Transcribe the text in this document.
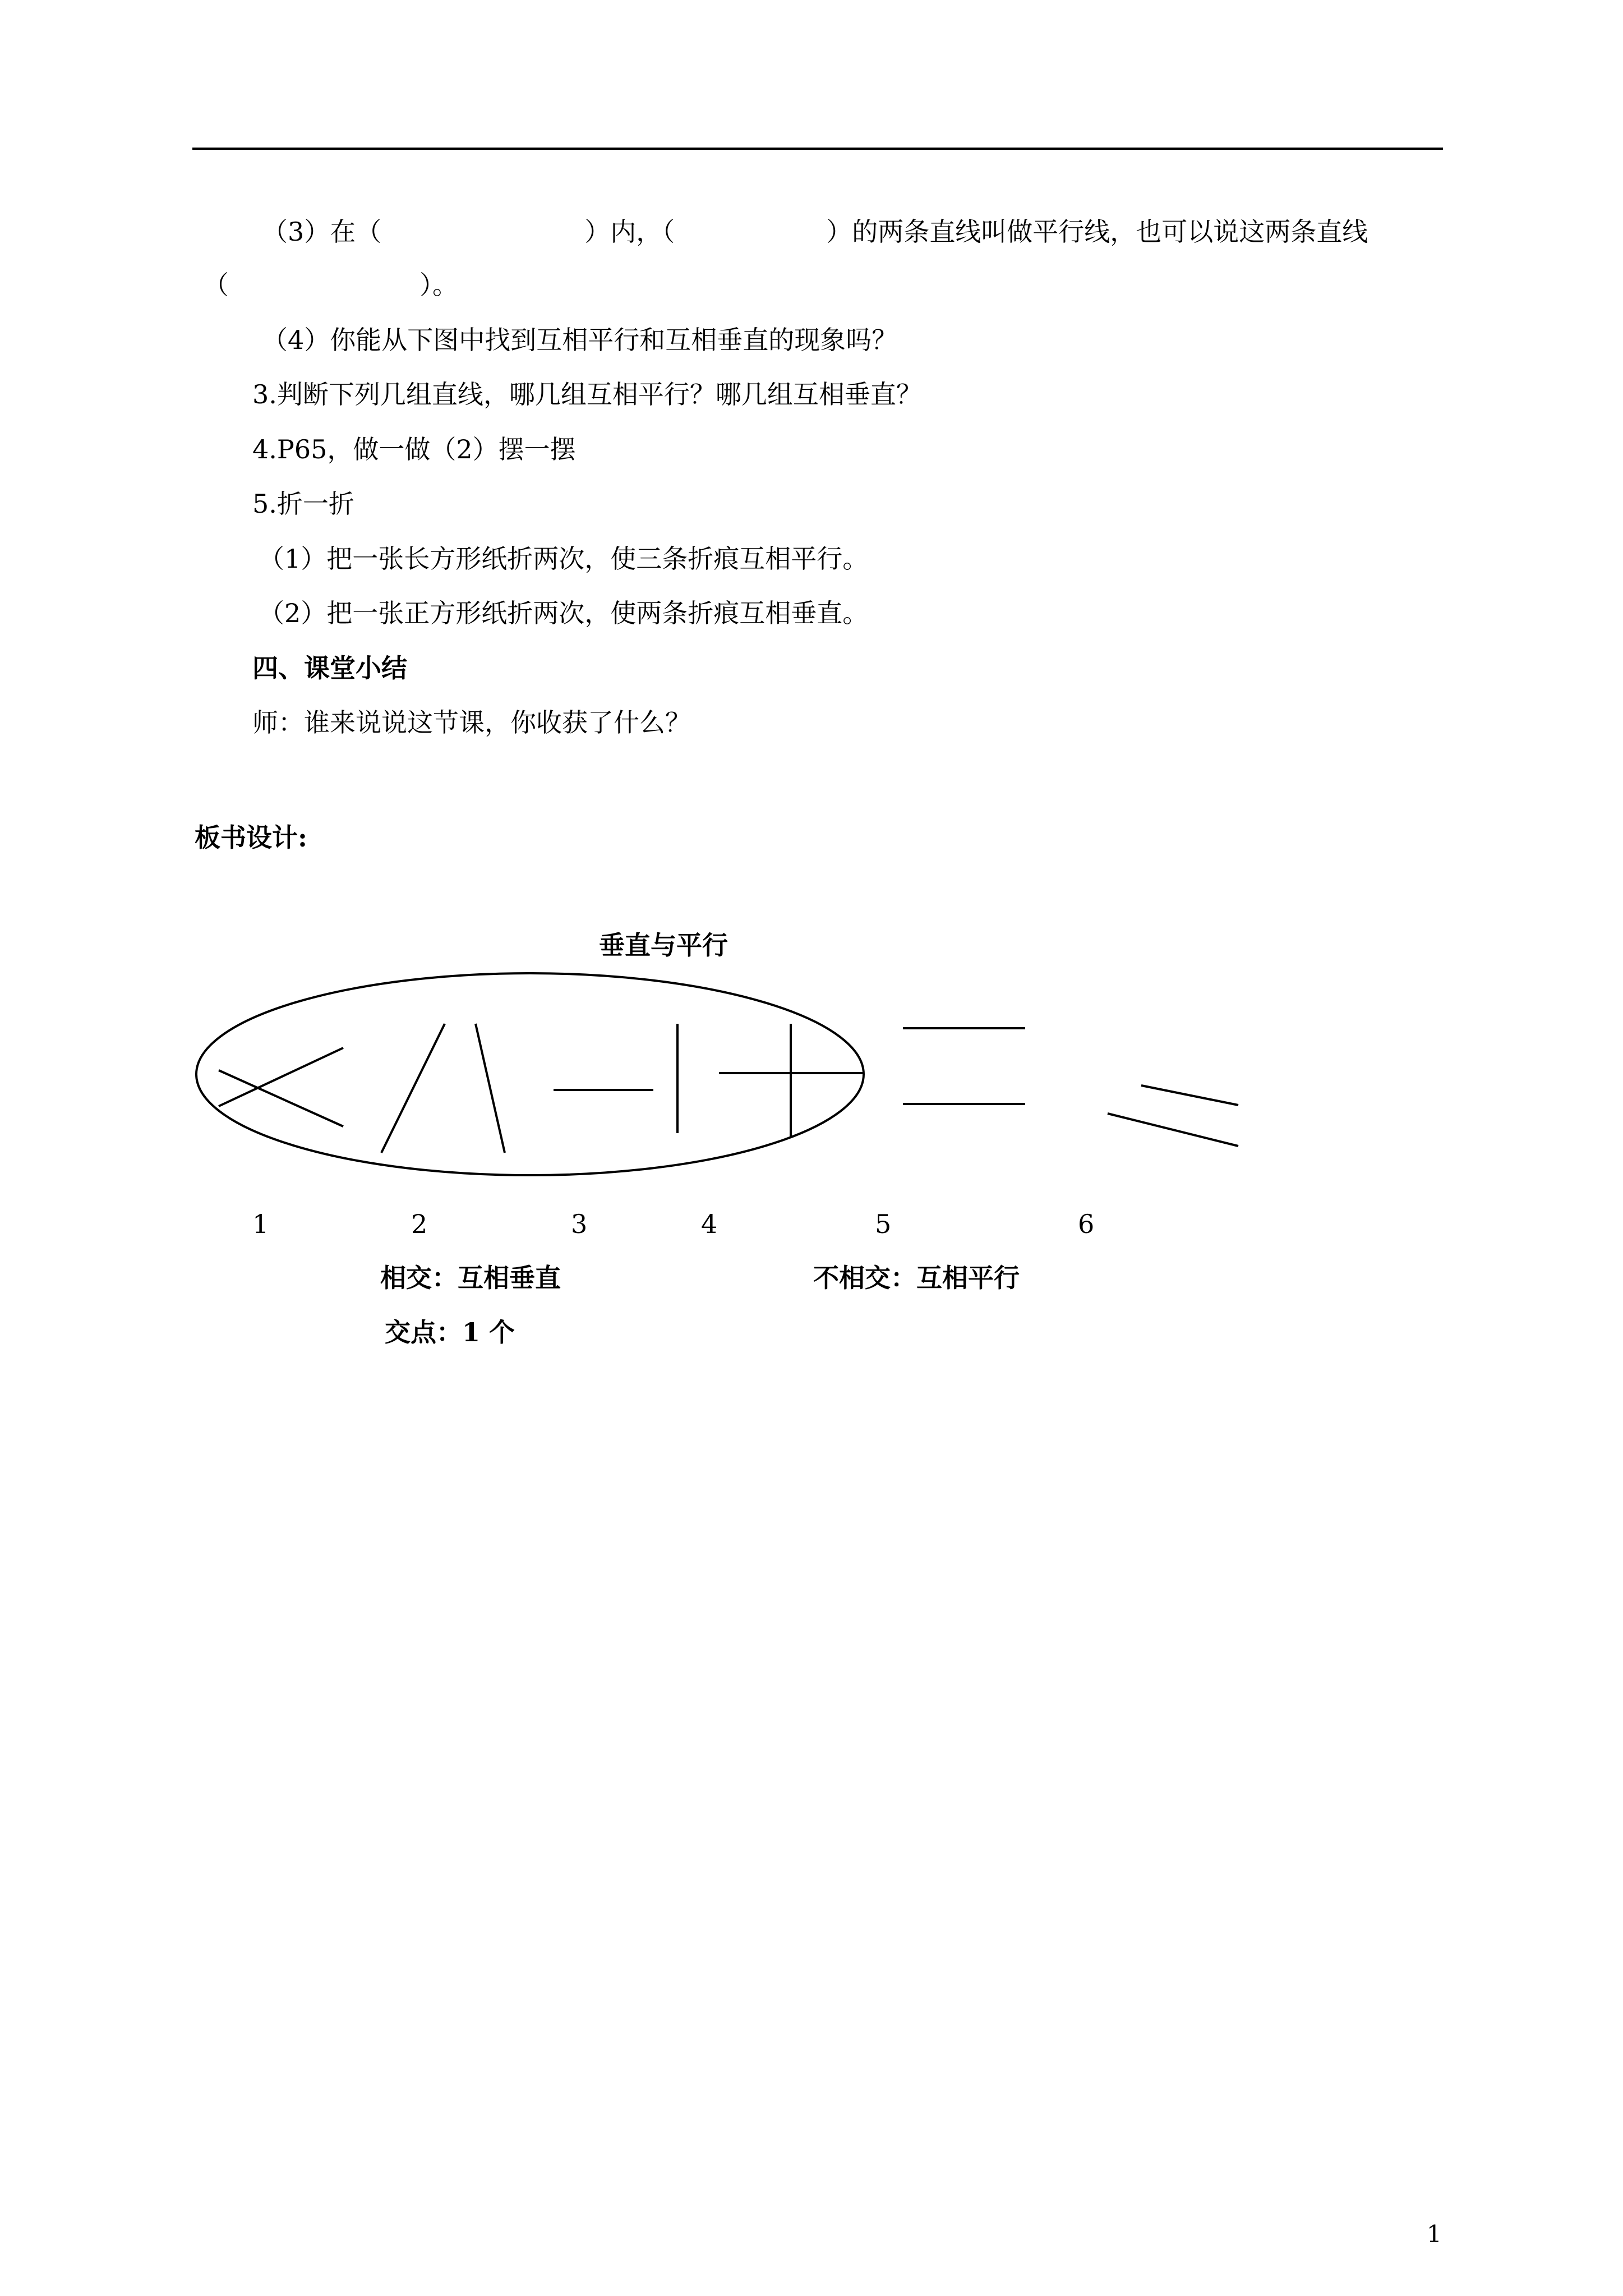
（3）在（	）内，（	）的两条直线叫做平行线，也可以说这两条直线
（	）。
（4）你能从下图中找到互相平行和互相垂直的现象吗？
3.判断下列几组直线，哪几组互相平行？哪几组互相垂直？
4.P65，做一做（2）摆一摆
5.折一折
（1）把一张长方形纸折两次，使三条折痕互相平行。
（2）把一张正方形纸折两次，使两条折痕互相垂直。
四、课堂小结
师：谁来说说这节课，你收获了什么？
板书设计:
垂直与平行
1	2	3	4	5	6
相交：互相垂直	不相交：互相平行
交点：1 个
1
